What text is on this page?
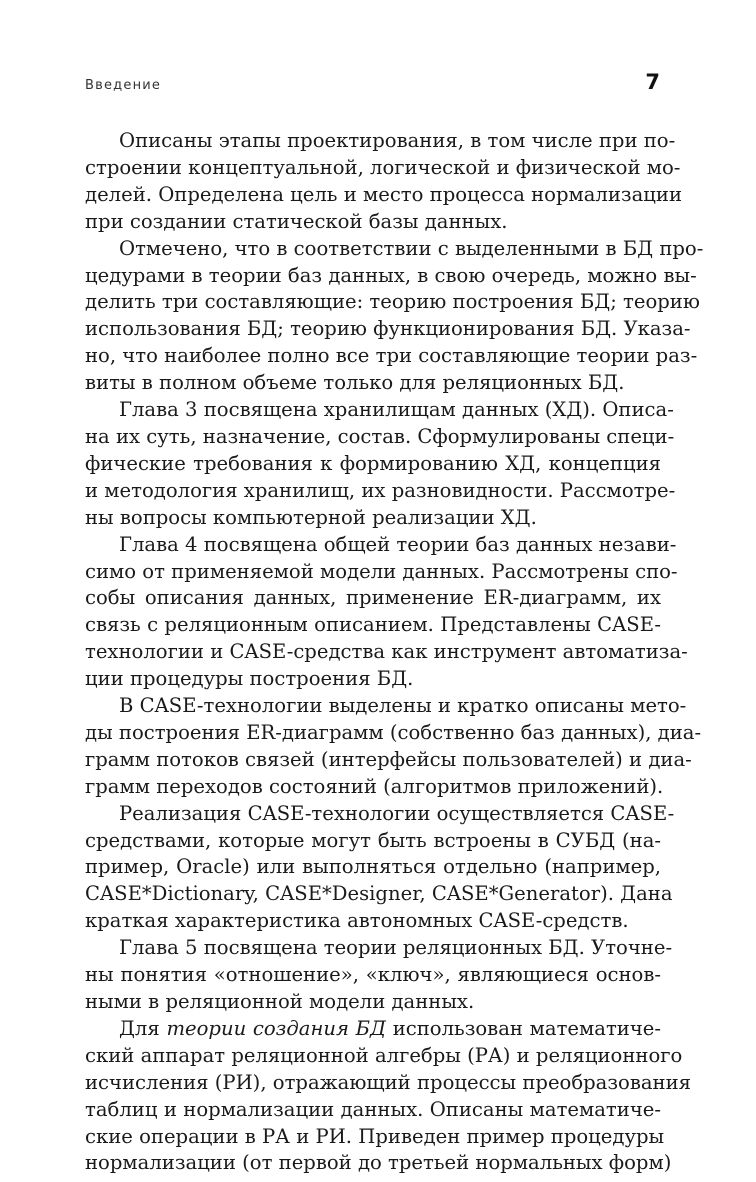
Введение	7

Описаны этапы проектирования, в том числе при по-
строении концептуальной, логической и физической мо-
делей. Определена цель и место процесса нормализации
при создании статической базы данных.

Отмечено, что в соответствии с выделенными в БД про-
цедурами в теории баз данных, в свою очередь, можно вы-
делить три составляющие: теорию построения БД; теорию
использования БД; теорию функционирования БД. Указа-
но, что наиболее полно все три составляющие теории раз-
виты в полном объеме только для реляционных БД.

Глава 3 посвящена хранилищам данных (ХД). Описа-
на их суть, назначение, состав. Сформулированы специ-
фические требования к формированию ХД, концепция
и методология хранилищ, их разновидности. Рассмотре-
ны вопросы компьютерной реализации ХД.

Глава 4 посвящена общей теории баз данных незави-
симо от применяемой модели данных. Рассмотрены спо-
собы описания данных, применение ER-диаграмм, их
связь с реляционным описанием. Представлены CASE-
технологии и CASE-средства как инструмент автоматиза-
ции процедуры построения БД.

В CASE-технологии выделены и кратко описаны мето-
ды построения ER-диаграмм (собственно баз данных), диа-
грамм потоков связей (интерфейсы пользователей) и диа-
грамм переходов состояний (алгоритмов приложений).

Реализация CASE-технологии осуществляется CASE-
средствами, которые могут быть встроены в СУБД (на-
пример, Oracle) или выполняться отдельно (например,
CASE*Dictionary, CASE*Designer, CASE*Generator). Дана
краткая характеристика автономных CASE-средств.

Глава 5 посвящена теории реляционных БД. Уточне-
ны понятия «отношение», «ключ», являющиеся основ-
ными в реляционной модели данных.

Для теории создания БД использован математиче-
ский аппарат реляционной алгебры (РА) и реляционного
исчисления (РИ), отражающий процессы преобразования
таблиц и нормализации данных. Описаны математиче-
ские операции в РА и РИ. Приведен пример процедуры
нормализации (от первой до третьей нормальных форм)
